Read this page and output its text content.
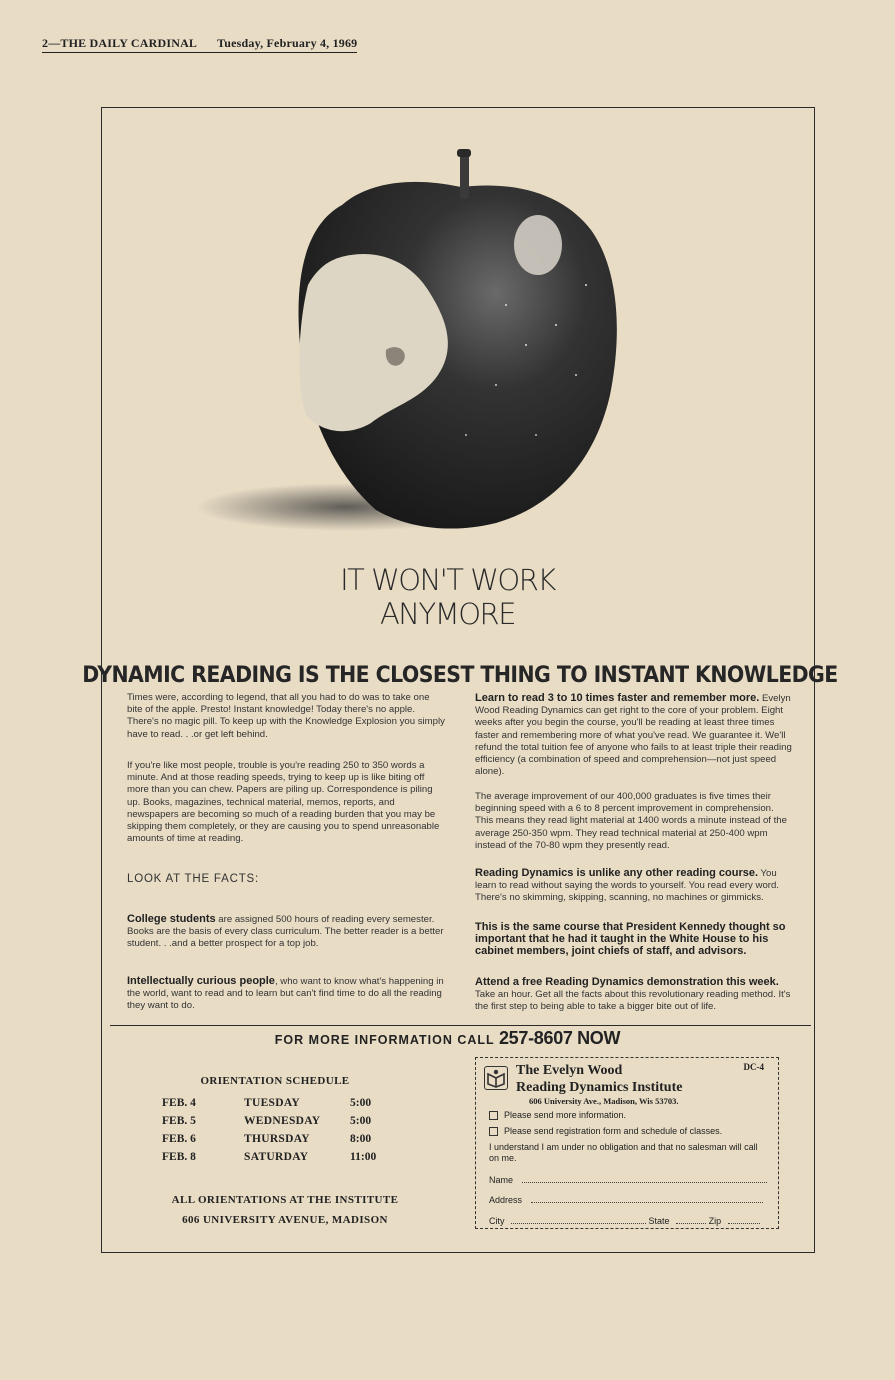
2—THE DAILY CARDINAL Tuesday, February 4, 1969
IT WON'T WORK
ANYMORE
DYNAMIC READING IS THE CLOSEST THING TO INSTANT KNOWLEDGE

Times were, according to legend, that all you had to do was to take one bite of the apple. Presto! Instant knowledge! Today there's no apple. There's no magic pill. To keep up with the Knowledge Explosion you simply have to read. . .or get left behind.

If you're like most people, trouble is you're reading 250 to 350 words a minute. And at those reading speeds, trying to keep up is like biting off more than you can chew. Papers are piling up. Correspondence is piling up. Books, magazines, technical material, memos, reports, and newspapers are becoming so much of a reading burden that you may be skipping them completely, or they are causing you to spend unreasonable amounts of time at reading.

LOOK AT THE FACTS:

College students are assigned 500 hours of reading every semester. Books are the basis of every class curriculum. The better reader is a better student. . .and a better prospect for a top job.

Intellectually curious people, who want to know what's happening in the world, want to read and to learn but can't find time to do all the reading they want to do.

Learn to read 3 to 10 times faster and remember more. Evelyn Wood Reading Dynamics can get right to the core of your problem. Eight weeks after you begin the course, you'll be reading at least three times faster and remembering more of what you've read. We guarantee it. We'll refund the total tuition fee of anyone who fails to at least triple their reading efficiency (a combination of speed and comprehension—not just speed alone).

The average improvement of our 400,000 graduates is five times their beginning speed with a 6 to 8 percent improvement in comprehension. This means they read light material at 1400 words a minute instead of the average 250-350 wpm. They read technical material at 250-400 wpm instead of the 70-80 wpm they presently read.

Reading Dynamics is unlike any other reading course. You learn to read without saying the words to yourself. You read every word. There's no skimming, skipping, scanning, no machines or gimmicks.

This is the same course that President Kennedy thought so important that he had it taught in the White House to his cabinet members, joint chiefs of staff, and advisors.

Attend a free Reading Dynamics demonstration this week. Take an hour. Get all the facts about this revolutionary reading method. It's the first step to being able to take a bigger bite out of life.

FOR MORE INFORMATION CALL 257-8607 NOW
ORIENTATION SCHEDULE
FEB. 4	TUESDAY	5:00
FEB. 5	WEDNESDAY	5:00
FEB. 6	THURSDAY	8:00
FEB. 8	SATURDAY	11:00
ALL ORIENTATIONS AT THE INSTITUTE
606 UNIVERSITY AVENUE, MADISON
The Evelyn Wood
Reading Dynamics Institute
DC-4
606 University Ave., Madison, Wis 53703.
Please send more information.
Please send registration form and schedule of classes.
I understand I am under no obligation and that no salesman will call on me.
Name
Address
City	State	Zip
